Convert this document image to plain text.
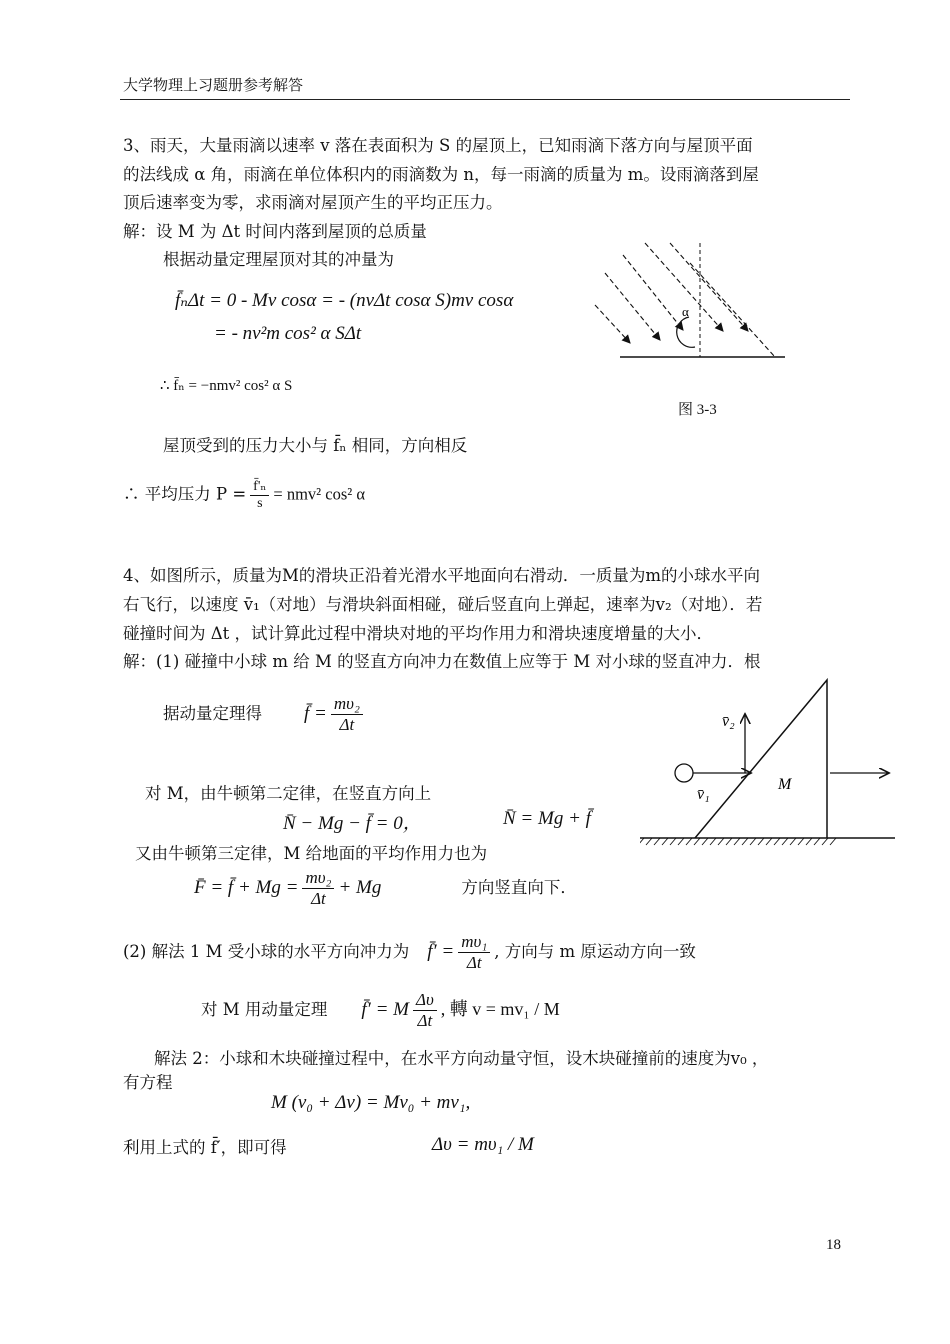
大学物理上习题册参考解答
3、雨天，大量雨滴以速率 v 落在表面积为 S 的屋顶上，已知雨滴下落方向与屋顶平面
的法线成 α 角，雨滴在单位体积内的雨滴数为 n，每一雨滴的质量为 m。设雨滴落到屋
顶后速率变为零，求雨滴对屋顶产生的平均正压力。
解：设 M 为 Δt 时间内落到屋顶的总质量
根据动量定理屋顶对其的冲量为
f̄ₙΔt = 0 - Mv cosα = - (nvΔt cosα S)mv cosα
= - nv²m cos² α SΔt
∴ f̄ₙ = −nmv² cos² α S
α
图 3-3
屋顶受到的压力大小与 f̄ₙ 相同，方向相反
∴ 平均压力 $P = \frac{\text{f̄'ₙ}}{s} = nmv^2$ cos² α
4、如图所示，质量为M的滑块正沿着光滑水平地面向右滑动．一质量为m的小球水平向
右飞行，以速度 v̄₁（对地）与滑块斜面相碰，碰后竖直向上弹起，速率为v₂（对地）．若
碰撞时间为 Δt ，试计算此过程中滑块对地的平均作用力和滑块速度增量的大小．
解：(1) 碰撞中小球 m 给 M 的竖直方向冲力在数值上应等于 M 对小球的竖直冲力．根
据动量定理得 f̄ = $\frac{\text{mυ₂}}{\Delta t}$
对 M，由牛顿第二定律，在竖直方向上
N̄ − Mg − f̄ = 0，	N̄ = Mg + f̄
又由牛顿第三定律，M 给地面的平均作用力也为
F̄ = f̄ + $Mg = \frac{\text{mυ₂}}{\Delta t} + Mg$	方向竖直向下．
v̄₂
v̄₁
M
(2) 解法 1 M 受小球的水平方向冲力为 f̄′ = $\frac{\text{mυ₁}}{\Delta t}$ , 方向与 m 原运动方向一致
对 M 用动量定理 f̄′ = M $\frac{\Delta\upsilon}{\Delta t}$ , 轉 v = mv₁ / M
解法 2：小球和木块碰撞过程中，在水平方向动量守恒，设木块碰撞前的速度为v₀ ，
有方程
M (v₀ + Δv) = Mv₀ + mv₁,
利用上式的 f̄′，即可得	Δυ = mυ₁ / M
18
